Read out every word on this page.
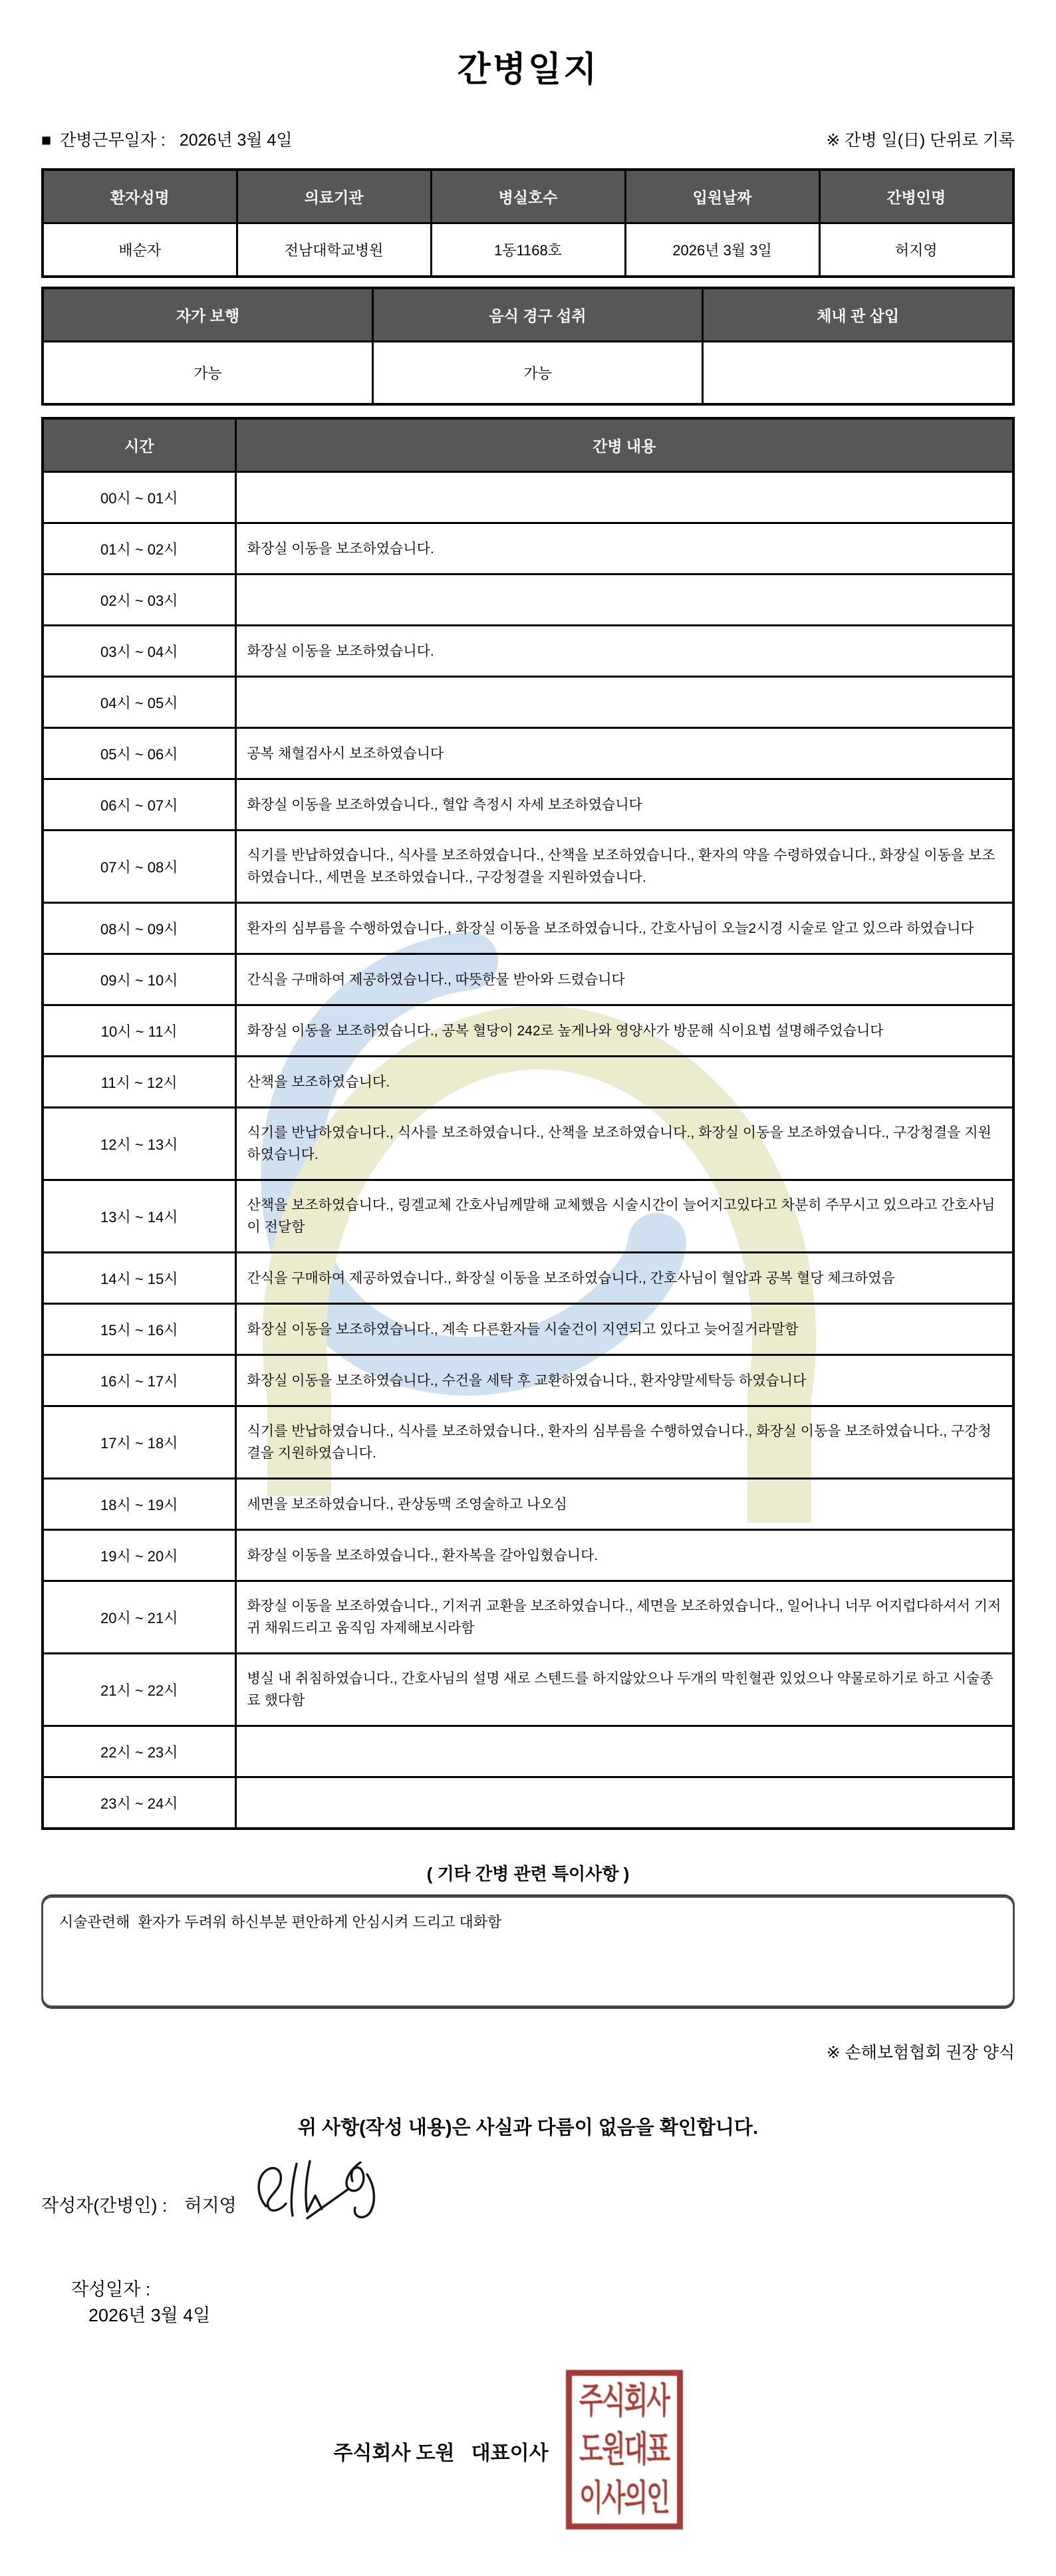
간병일지
■ 간병근무일자 : 2026년 3월 4일	※ 간병 일(日) 단위로 기록
환자성명	의료기관	병실호수	입원날짜	간병인명
배순자	전남대학교병원	1동1168호	2026년 3월 3일	허지영
자가 보행	음식 경구 섭취	체내 관 삽입
가능	가능	
시간	간병 내용
00시 ~ 01시	
01시 ~ 02시	화장실 이동을 보조하였습니다.
02시 ~ 03시	
03시 ~ 04시	화장실 이동을 보조하였습니다.
04시 ~ 05시	
05시 ~ 06시	공복 채혈검사시 보조하였습니다
06시 ~ 07시	화장실 이동을 보조하였습니다., 혈압 측정시 자세 보조하였습니다
07시 ~ 08시	식기를 반납하였습니다., 식사를 보조하였습니다., 산책을 보조하였습니다., 환자의 약을 수령하였습니다., 화장실 이동을 보조하였습니다., 세면을 보조하였습니다., 구강청결을 지원하였습니다.
08시 ~ 09시	환자의 심부름을 수행하였습니다., 화장실 이동을 보조하였습니다., 간호사님이 오늘2시경 시술로 알고 있으라 하였습니다
09시 ~ 10시	간식을 구매하여 제공하였습니다., 따뜻한물 받아와 드렸습니다
10시 ~ 11시	화장실 이동을 보조하였습니다., 공복 혈당이 242로 높게나와 영양사가 방문해 식이요법 설명해주었습니다
11시 ~ 12시	산책을 보조하였습니다.
12시 ~ 13시	식기를 반납하였습니다., 식사를 보조하였습니다., 산책을 보조하였습니다., 화장실 이동을 보조하였습니다., 구강청결을 지원하였습니다.
13시 ~ 14시	산책을 보조하였습니다., 링겔교체 간호사님께말해 교체했음 시술시간이 늘어지고있다고 차분히 주무시고 있으라고 간호사님이 전달함
14시 ~ 15시	간식을 구매하여 제공하였습니다., 화장실 이동을 보조하였습니다., 간호사님이 혈압과 공복 혈당 체크하였음
15시 ~ 16시	화장실 이동을 보조하였습니다., 계속 다른환자들 시술건이 지연되고 있다고 늦어질거라말함
16시 ~ 17시	화장실 이동을 보조하였습니다., 수건을 세탁 후 교환하였습니다., 환자양말세탁등 하였습니다
17시 ~ 18시	식기를 반납하였습니다., 식사를 보조하였습니다., 환자의 심부름을 수행하였습니다., 화장실 이동을 보조하였습니다., 구강청결을 지원하였습니다.
18시 ~ 19시	세면을 보조하였습니다., 관상동맥 조영술하고 나오심
19시 ~ 20시	화장실 이동을 보조하였습니다., 환자복을 갈아입혔습니다.
20시 ~ 21시	화장실 이동을 보조하였습니다., 기저귀 교환을 보조하였습니다., 세면을 보조하였습니다., 일어나니 너무 어지럽다하셔서 기저귀 채워드리고 움직임 자제해보시라함
21시 ~ 22시	병실 내 취침하였습니다., 간호사님의 설명 새로 스텐드를 하지않았으나 두개의 막힌혈관 있었으나 약물로하기로 하고 시술종료 했다함
22시 ~ 23시	
23시 ~ 24시	
( 기타 간병 관련 특이사항 )
시술관련해  환자가 두려워 하신부분 편안하게 안심시켜 드리고 대화함
※ 손해보험협회 권장 양식
위 사항(작성 내용)은 사실과 다름이 없음을 확인합니다.
작성자(간병인) : 허지영

작성일자 :
2026년 3월 4일

주식회사 도원   대표이사
주식회사
도원대표
이사의인
